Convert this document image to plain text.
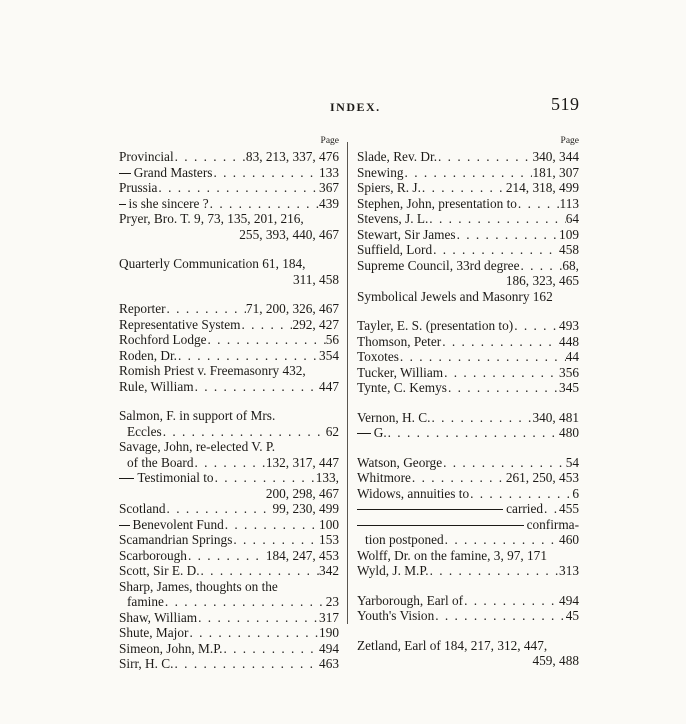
INDEX.	519
Page
Provincial . . .	83, 213, 337, 476
Grand Masters . . .	133
Prussia . . .	367
is she sincere ? . . .	439
Pryer, Bro. T. 9, 73, 135, 201, 216,
255, 393, 440, 467
Quarterly Communication 61, 184,
311, 458
Reporter . . .	71, 200, 326, 467
Representative System . . .	292, 427
Rochford Lodge . . .	56
Roden, Dr. . . .	354
Romish Priest v. Freemasonry 432,
Rule, William . . .	447
Salmon, F. in support of Mrs.
Eccles . . .	62
Savage, John, re-elected V. P.
of the Board . . .	132, 317, 447
Testimonial to . . .	133,
200, 298, 467
Scotland . . .	99, 230, 499
Benevolent Fund . . .	100
Scamandrian Springs . . .	153
Scarborough . . .	184, 247, 453
Scott, Sir E. D. . . .	342
Sharp, James, thoughts on the
famine . . .	23
Shaw, William . . .	317
Shute, Major . . .	190
Simeon, John, M.P. . . .	494
Sirr, H. C. . . .	463
Page
Slade, Rev. Dr. . . .	340, 344
Snewing . . .	181, 307
Spiers, R. J. . . .	214, 318, 499
Stephen, John, presentation to . . .	113
Stevens, J. L. . . .	64
Stewart, Sir James . . .	109
Suffield, Lord . . .	458
Supreme Council, 33rd degree . . .	68,
186, 323, 465
Symbolical Jewels and Masonry 162
Tayler, E. S. (presentation to) . . .	493
Thomson, Peter . . .	448
Toxotes . . .	44
Tucker, William . . .	356
Tynte, C. Kemys . . .	345
Vernon, H. C. . . .	340, 481
G. . . .	480
Watson, George . . .	54
Whitmore . . .	261, 250, 453
Widows, annuities to . . .	6
carried . . . 455
confirma-
tion postponed . . .	460
Wolff, Dr. on the famine, 3, 97, 171
Wyld, J. M.P. . . .	313
Yarborough, Earl of . . .	494
Youth's Vision . . .	45
Zetland, Earl of 184, 217, 312, 447,
459, 488
